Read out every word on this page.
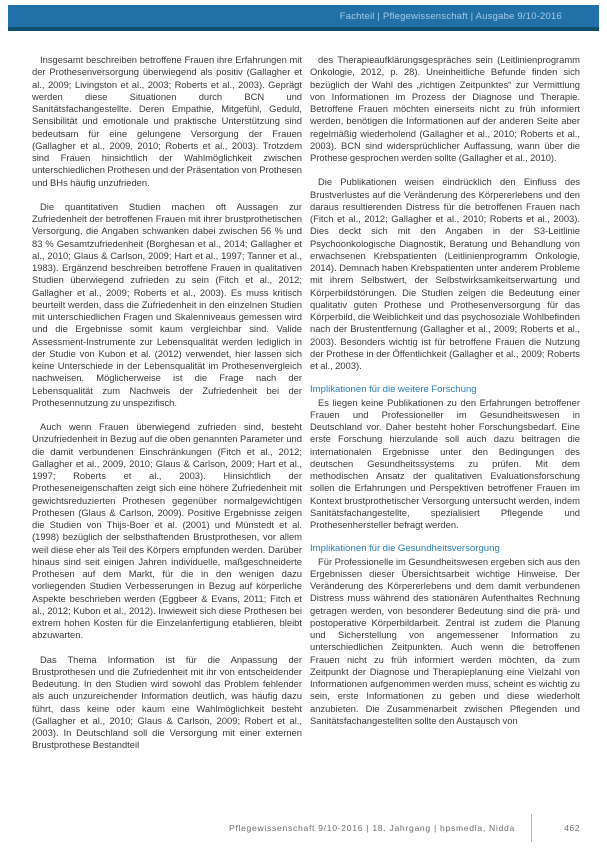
Fachteil | Pflegewissenschaft | Ausgabe 9/10-2016

Insgesamt beschreiben betroffene Frauen ihre Erfahrungen mit der Prothesenversorgung überwiegend als positiv (Gallagher et al., 2009; Livingston et al., 2003; Roberts et al., 2003). Geprägt werden diese Situationen durch BCN und Sanitätsfachangestellte. Deren Empathie, Mitgefühl, Geduld, Sensibilität und emotionale und praktische Unterstützung sind bedeutsam für eine gelungene Versorgung der Frauen (Gallagher et al., 2009, 2010; Roberts et al., 2003). Trotzdem sind Frauen hinsichtlich der Wahlmöglichkeit zwischen unterschiedlichen Prothesen und der Präsentation von Prothesen und BHs häufig unzufrieden.

Die quantitativen Studien machen oft Aussagen zur Zufriedenheit der betroffenen Frauen mit ihrer brustprothetischen Versorgung, die Angaben schwanken dabei zwischen 56 % und 83 % Gesamtzufriedenheit (Borghesan et al., 2014; Gallagher et al., 2010; Glaus & Carlson, 2009; Hart et al., 1997; Tanner et al., 1983). Ergänzend beschreiben betroffene Frauen in qualitativen Studien überwiegend zufrieden zu sein (Fitch et al., 2012; Gallagher et al., 2009; Roberts et al., 2003). Es muss kritisch beurteilt werden, dass die Zufriedenheit in den einzelnen Studien mit unterschiedlichen Fragen und Skalenniveaus gemessen wird und die Ergebnisse somit kaum vergleichbar sind. Valide Assessment-Instrumente zur Lebensqualität werden lediglich in der Studie von Kubon et al. (2012) verwendet, hier lassen sich keine Unterschiede in der Lebensqualität im Prothesenvergleich nachweisen. Möglicherweise ist die Frage nach der Lebensqualität zum Nachweis der Zufriedenheit bei der Prothesennutzung zu unspezifisch.

Auch wenn Frauen überwiegend zufrieden sind, besteht Unzufriedenheit in Bezug auf die oben genannten Parameter und die damit verbundenen Einschränkungen (Fitch et al., 2012; Gallagher et al., 2009, 2010; Glaus & Carlson, 2009; Hart et al., 1997; Roberts et al., 2003). Hinsichtlich der Protheseneigenschaften zeigt sich eine höhere Zufriedenheit mit gewichtsreduzierten Prothesen gegenüber normalgewichtigen Prothesen (Glaus & Carlson, 2009). Positive Ergebnisse zeigen die Studien von Thijs-Boer et al. (2001) und Münstedt et al. (1998) bezüglich der selbsthaftenden Brustprothesen, vor allem weil diese eher als Teil des Körpers empfunden werden. Darüber hinaus sind seit einigen Jahren individuelle, maßgeschneiderte Prothesen auf dem Markt, für die in den wenigen dazu vorliegenden Studien Verbesserungen in Bezug auf körperliche Aspekte beschrieben werden (Eggbeer & Evans, 2011; Fitch et al., 2012; Kubon et al., 2012). Inwieweit sich diese Prothesen bei extrem hohen Kosten für die Einzelanfertigung etablieren, bleibt abzuwarten.

Das Thema Information ist für die Anpassung der Brustprothesen und die Zufriedenheit mit ihr von entscheidender Bedeutung. In den Studien wird sowohl das Problem fehlender als auch unzureichender Information deutlich, was häufig dazu führt, dass keine oder kaum eine Wahlmöglichkeit besteht (Gallagher et al., 2010; Glaus & Carlson, 2009; Robert et al., 2003). In Deutschland soll die Versorgung mit einer externen Brustprothese Bestandteil

des Therapieaufklärungsgespräches sein (Leitlinienprogramm Onkologie, 2012, p. 28). Uneinheitliche Befunde finden sich bezüglich der Wahl des „richtigen Zeitpunktes“ zur Vermittlung von Informationen im Prozess der Diagnose und Therapie. Betroffene Frauen möchten einerseits nicht zu früh informiert werden, benötigen die Informationen auf der anderen Seite aber regelmäßig wiederholend (Gallagher et al., 2010; Roberts et al., 2003). BCN sind widersprüchlicher Auffassung, wann über die Prothese gesprochen werden sollte (Gallagher et al., 2010).

Die Publikationen weisen eindrücklich den Einfluss des Brustverlustes auf die Veränderung des Körpererlebens und den daraus resultierenden Distress für die betroffenen Frauen nach (Fitch et al., 2012; Gallagher et al., 2010; Roberts et al., 2003). Dies deckt sich mit den Angaben in der S3-Leitlinie Psychoonkologische Diagnostik, Beratung und Behandlung von erwachsenen Krebspatienten (Leitlinienprogramm Onkologie, 2014). Demnach haben Krebspatienten unter anderem Probleme mit ihrem Selbstwert, der Selbstwirksamkeitserwartung und Körperbildstörungen. Die Studien zeigen die Bedeutung einer qualitativ guten Prothese und Prothesenversorgung für das Körperbild, die Weiblichkeit und das psychosoziale Wohlbefinden nach der Brustentfernung (Gallagher et al., 2009; Roberts et al., 2003). Besonders wichtig ist für betroffene Frauen die Nutzung der Prothese in der Öffentlichkeit (Gallagher et al., 2009; Roberts et al., 2003).

Implikationen für die weitere Forschung

Es liegen keine Publikationen zu den Erfahrungen betroffener Frauen und Professioneller im Gesundheitswesen in Deutschland vor. Daher besteht hoher Forschungsbedarf. Eine erste Forschung hierzulande soll auch dazu beitragen die internationalen Ergebnisse unter den Bedingungen des deutschen Gesundheitssystems zu prüfen. Mit dem methodischen Ansatz der qualitativen Evaluationsforschung sollen die Erfahrungen und Perspektiven betroffener Frauen im Kontext brustprothetischer Versorgung untersucht werden, indem Sanitätsfachangestellte, spezialisiert Pflegende und Prothesenhersteller befragt werden.

Implikationen für die Gesundheitsversorgung

Für Professionelle im Gesundheitswesen ergeben sich aus den Ergebnissen dieser Übersichtsarbeit wichtige Hinweise. Der Veränderung des Körpererlebens und dem damit verbundenen Distress muss während des stationären Aufenthaltes Rechnung getragen werden, von besonderer Bedeutung sind die prä- und postoperative Körperbildarbeit. Zentral ist zudem die Planung und Sicherstellung von angemessener Information zu unterschiedlichen Zeitpunkten. Auch wenn die betroffenen Frauen nicht zu früh informiert werden möchten, da zum Zeitpunkt der Diagnose und Therapieplanung eine Vielzahl von Informationen aufgenommen werden muss, scheint es wichtig zu sein, erste Informationen zu geben und diese wiederholt anzubieten. Die Zusammenarbeit zwischen Pflegenden und Sanitätsfachangestellten sollte den Austausch von

Pflegewissenschaft 9/10-2016 | 18. Jahrgang | hpsmedia, Nidda	462
